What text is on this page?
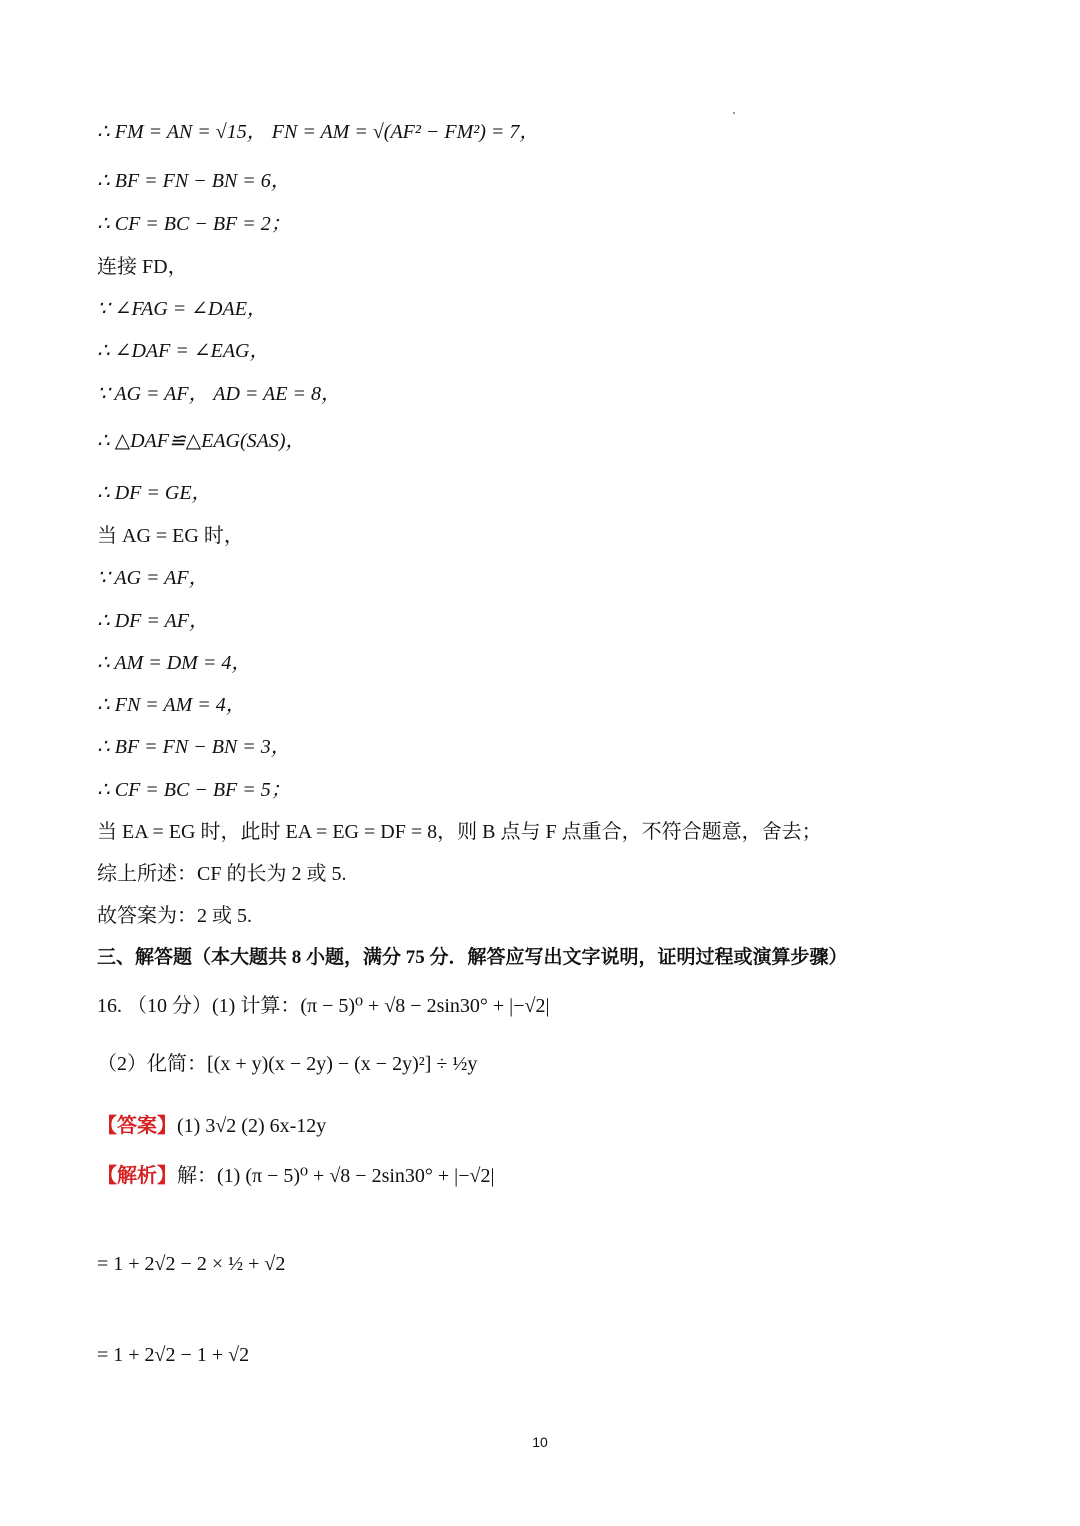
∴ FM = AN = √15， FN = AM = √(AF² − FM²) = 7，
∴ BF = FN − BN = 6，
∴ CF = BC − BF = 2；
连接 FD，
∵ ∠FAG = ∠DAE，
∴ ∠DAF = ∠EAG，
∵ AG = AF， AD = AE = 8，
∴ △DAF≌△EAG(SAS)，
∴ DF = GE，
当 AG = EG 时，
∵ AG = AF，
∴ DF = AF，
∴ AM = DM = 4，
∴ FN = AM = 4，
∴ BF = FN − BN = 3，
∴ CF = BC − BF = 5；
当 EA = EG 时，此时 EA = EG = DF = 8，则 B 点与 F 点重合，不符合题意，舍去；
综上所述：CF 的长为 2 或 5.
故答案为：2 或 5.
三、解答题（本大题共 8 小题，满分 75 分．解答应写出文字说明，证明过程或演算步骤）
16. （10 分）(1) 计算：(π − 5)⁰ + √8 − 2sin30° + |−√2|
（2）化简：[(x + y)(x − 2y) − (x − 2y)²] ÷ ½y
【答案】(1) 3√2 (2) 6x-12y
【解析】解：(1) (π − 5)⁰ + √8 − 2sin30° + |−√2|
= 1 + 2√2 − 2 × ½ + √2
= 1 + 2√2 − 1 + √2
10
